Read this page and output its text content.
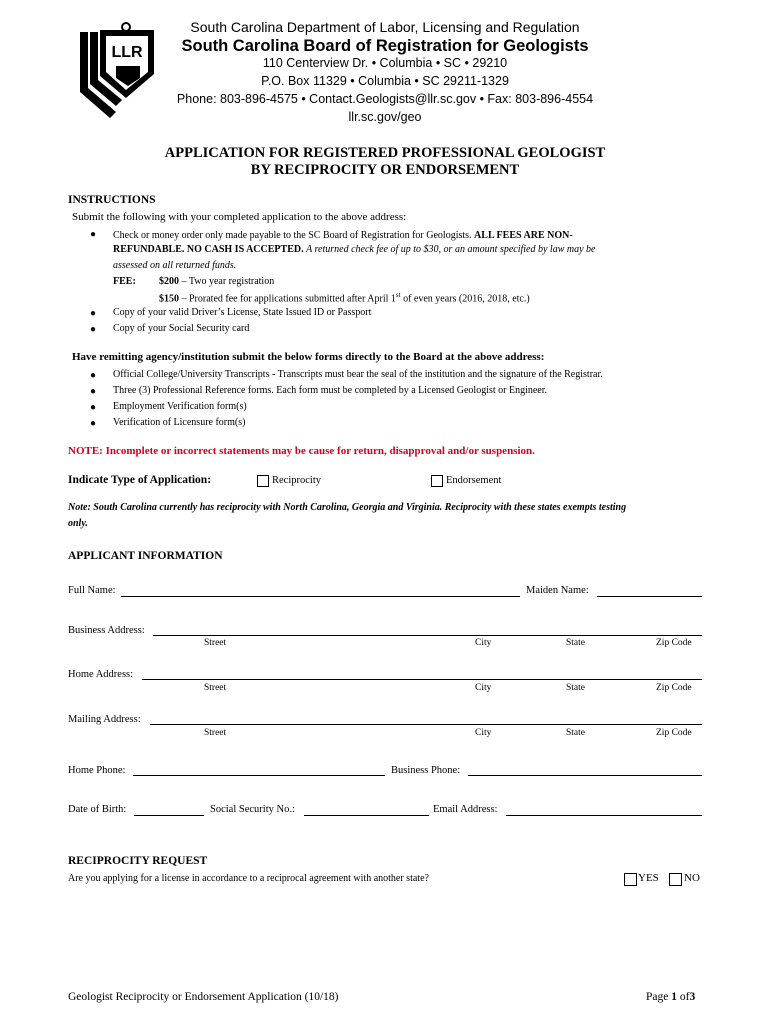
LLR
South Carolina Department of Labor, Licensing and Regulation
South Carolina Board of Registration for Geologists
110 Centerview Dr. • Columbia • SC • 29210
P.O. Box 11329 • Columbia • SC 29211-1329
Phone: 803-896-4575 • Contact.Geologists@llr.sc.gov • Fax: 803-896-4554
llr.sc.gov/geo
APPLICATION FOR REGISTERED PROFESSIONAL GEOLOGIST
BY RECIPROCITY OR ENDORSEMENT
INSTRUCTIONS
Submit the following with your completed application to the above address:
● Check or money order only made payable to the SC Board of Registration for Geologists. ALL FEES ARE NON-
REFUNDABLE. NO CASH IS ACCEPTED. A returned check fee of up to $30, or an amount specified by law may be
assessed on all returned funds.
FEE: $200 – Two year registration
$150 – Prorated fee for applications submitted after April 1st of even years (2016, 2018, etc.)
● Copy of your valid Driver’s License, State Issued ID or Passport
● Copy of your Social Security card
Have remitting agency/institution submit the below forms directly to the Board at the above address:
● Official College/University Transcripts - Transcripts must bear the seal of the institution and the signature of the Registrar.
● Three (3) Professional Reference forms. Each form must be completed by a Licensed Geologist or Engineer.
● Employment Verification form(s)
● Verification of Licensure form(s)
NOTE: Incomplete or incorrect statements may be cause for return, disapproval and/or suspension.
Indicate Type of Application:	Reciprocity	Endorsement
Note: South Carolina currently has reciprocity with North Carolina, Georgia and Virginia. Reciprocity with these states exempts testing
only.
APPLICANT INFORMATION
Full Name:	Maiden Name:
Business Address:
Street	City	State	Zip Code
Home Address:
Street	City	State	Zip Code
Mailing Address:
Street	City	State	Zip Code
Home Phone:	Business Phone:
Date of Birth:	Social Security No.:	Email Address:
RECIPROCITY REQUEST
Are you applying for a license in accordance to a reciprocal agreement with another state?	YES NO
Geologist Reciprocity or Endorsement Application (10/18)	Page 1 of3
